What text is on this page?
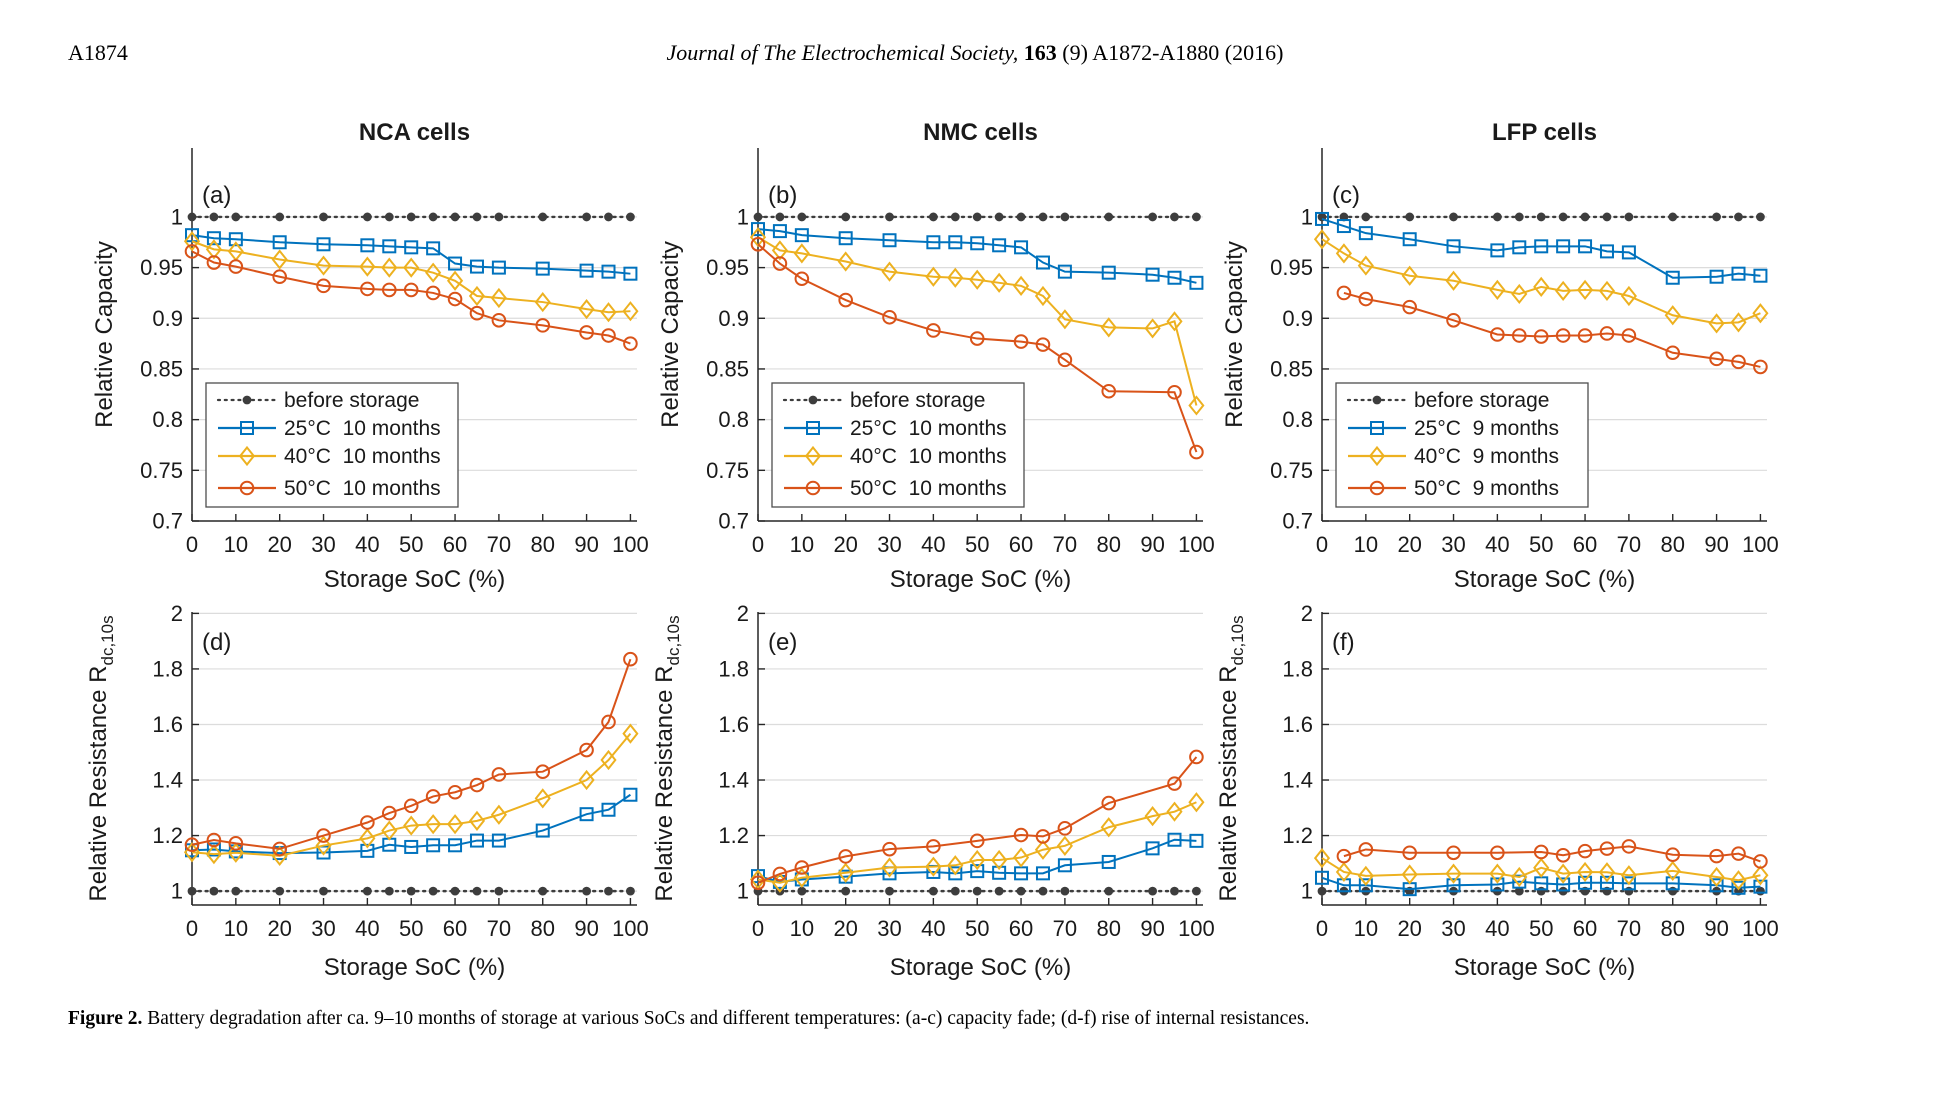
A1874	Journal of The Electrochemical Society, 163 (9) A1872-A1880 (2016)
0 10 20 30 40 50 60 70 80 90 100
0.7
0.75
0.8
0.85
0.9
0.95
1
before storage
25°C  10 months
40°C  10 months
50°C  10 months
NCA cells
(a)
Storage SoC (%)
Relative Capacity
0 10 20 30 40 50 60 70 80 90 100
0.7
0.75
0.8
0.85
0.9
0.95
1
before storage
25°C  10 months
40°C  10 months
50°C  10 months
NMC cells
(b)
Storage SoC (%)
Relative Capacity
0 10 20 30 40 50 60 70 80 90 100
0.7
0.75
0.8
0.85
0.9
0.95
1
before storage
25°C  9 months
40°C  9 months
50°C  9 months
LFP cells
(c)
Storage SoC (%)
Relative Capacity
0 10 20 30 40 50 60 70 80 90 100
1
1.2
1.4
1.6
1.8
2
(d)
Storage SoC (%)
Relative Resistance $R_{dc,10s}$
0 10 20 30 40 50 60 70 80 90 100
1
1.2
1.4
1.6
1.8
2
(e)
Storage SoC (%)
Relative Resistance $R_{dc,10s}$
0 10 20 30 40 50 60 70 80 90 100
1
1.2
1.4
1.6
1.8
2
(f)
Storage SoC (%)
Relative Resistance $R_{dc,10s}$
Figure 2. Battery degradation after ca. 9–10 months of storage at various SoCs and different temperatures: (a-c) capacity fade; (d-f) rise of internal resistances.
